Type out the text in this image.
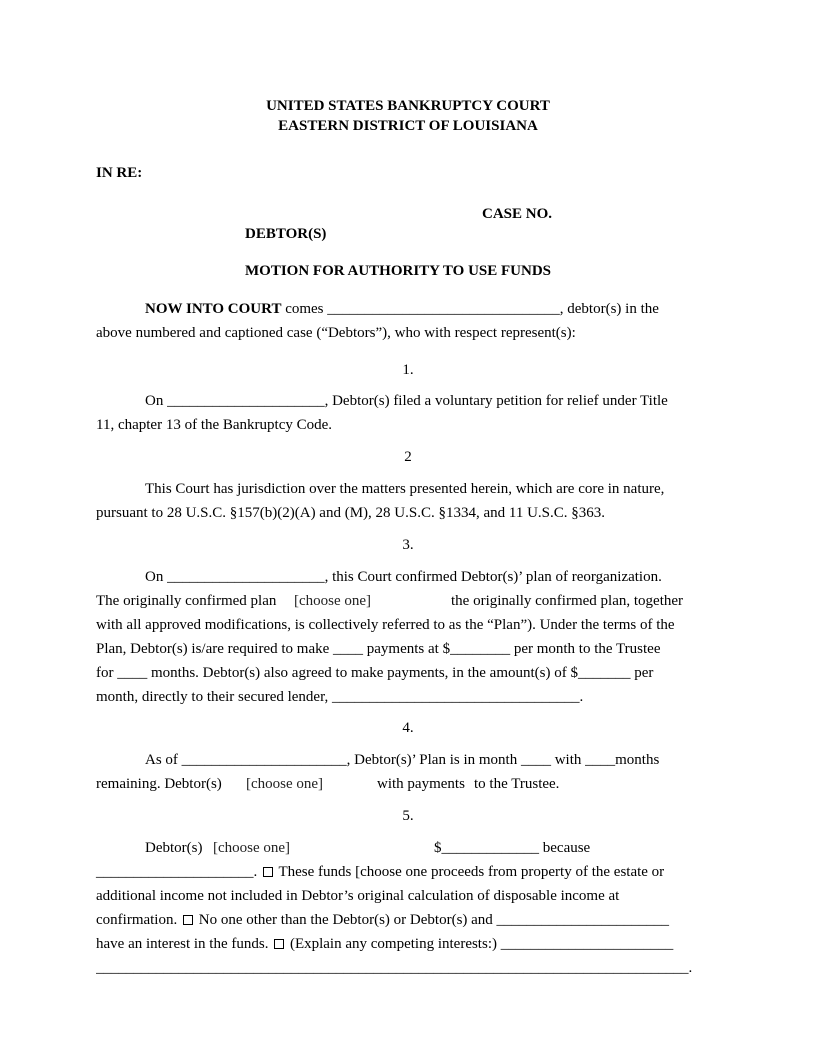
UNITED STATES BANKRUPTCY COURT
EASTERN DISTRICT OF LOUISIANA
IN RE:
CASE NO.
DEBTOR(S)
MOTION FOR AUTHORITY TO USE FUNDS
NOW INTO COURT comes _______________________________, debtor(s) in the
above numbered and captioned case (“Debtors”), who with respect represent(s):
1.
On _____________________, Debtor(s) filed a voluntary petition for relief under Title
11, chapter 13 of the Bankruptcy Code.
2
This Court has jurisdiction over the matters presented herein, which are core in nature,
pursuant to 28 U.S.C. §157(b)(2)(A) and (M), 28 U.S.C. §1334, and 11 U.S.C. §363.
3.
On _____________________, this Court confirmed Debtor(s)’ plan of reorganization.
The originally confirmed plan [choose one]	the originally confirmed plan, together
with all approved modifications, is collectively referred to as the “Plan”). Under the terms of the
Plan, Debtor(s) is/are required to make ____ payments at $________ per month to the Trustee
for ____ months. Debtor(s) also agreed to make payments, in the amount(s) of $_______ per
month, directly to their secured lender, _________________________________.
4.
As of ______________________, Debtor(s)’ Plan is in month ____ with ____months
remaining. Debtor(s) [choose one]	with payments to the Trustee.
5.
Debtor(s) [choose one]	$_____________ because
_____________________. These funds [choose one proceeds from property of the estate or
additional income not included in Debtor’s original calculation of disposable income at
confirmation. No one other than the Debtor(s) or Debtor(s) and _______________________
have an interest in the funds. (Explain any competing interests:) _______________________
_______________________________________________________________________________.
